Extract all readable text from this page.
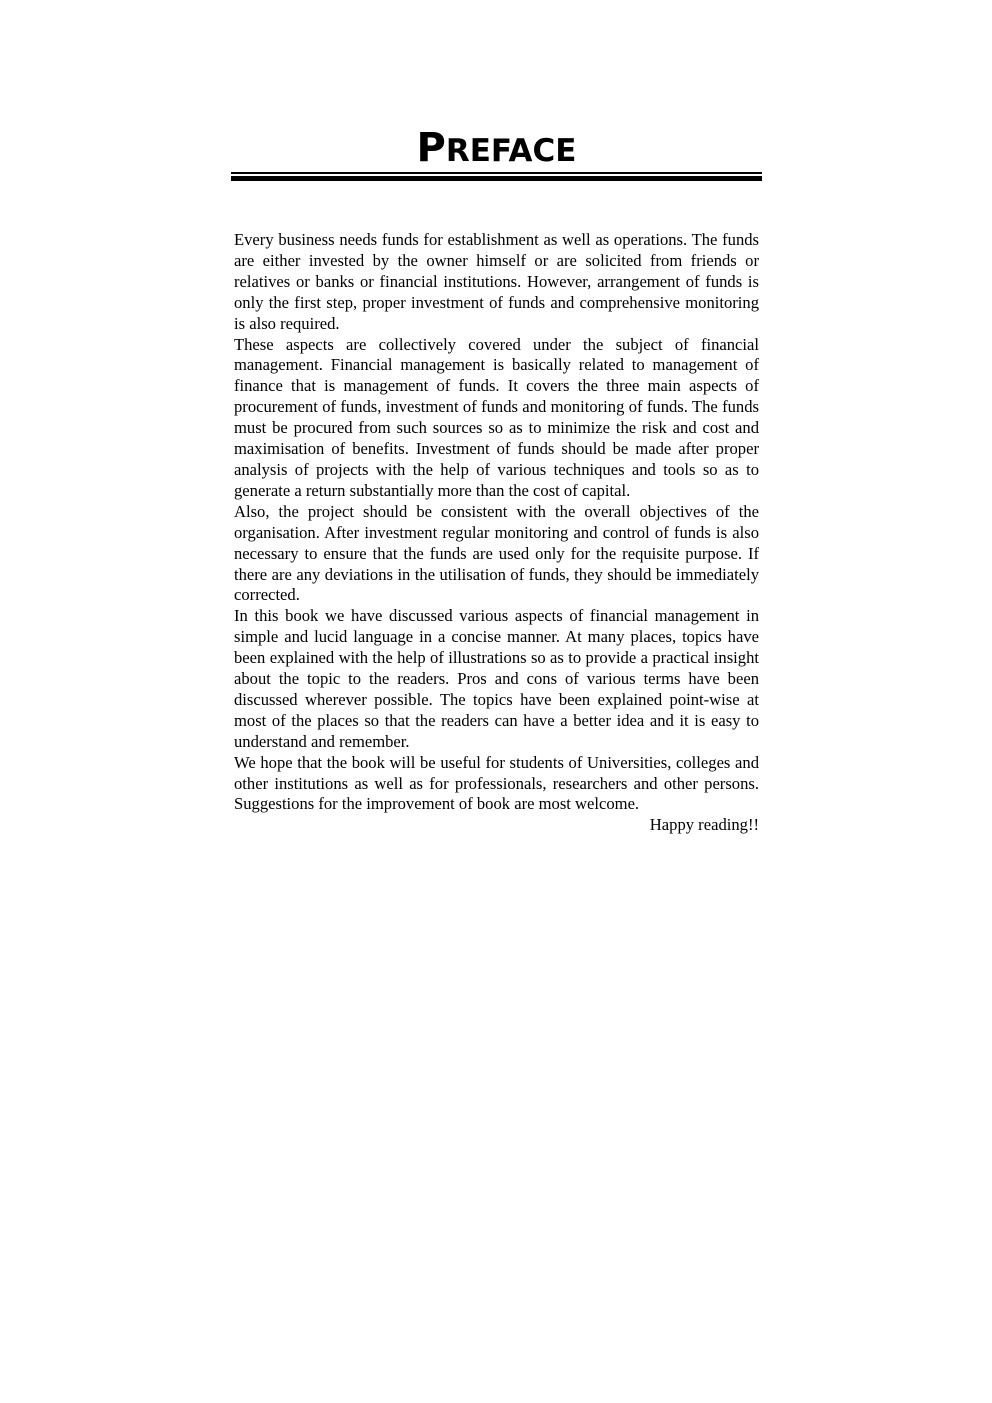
PREFACE

Every business needs funds for establishment as well as operations. The funds are either invested by the owner himself or are solicited from friends or relatives or banks or financial institutions. However, arrangement of funds is only the first step, proper investment of funds and comprehensive monitoring is also required.

These aspects are collectively covered under the subject of financial management. Financial management is basically related to management of finance that is management of funds. It covers the three main aspects of procurement of funds, investment of funds and monitoring of funds. The funds must be procured from such sources so as to minimize the risk and cost and maximisation of benefits. Investment of funds should be made after proper analysis of projects with the help of various techniques and tools so as to generate a return substantially more than the cost of capital.

Also, the project should be consistent with the overall objectives of the organisation. After investment regular monitoring and control of funds is also necessary to ensure that the funds are used only for the requisite purpose. If there are any deviations in the utilisation of funds, they should be immediately corrected.

In this book we have discussed various aspects of financial management in simple and lucid language in a concise manner. At many places, topics have been explained with the help of illustrations so as to provide a practical insight about the topic to the readers. Pros and cons of various terms have been discussed wherever possible. The topics have been explained point-wise at most of the places so that the readers can have a better idea and it is easy to understand and remember.

We hope that the book will be useful for students of Universities, colleges and other institutions as well as for professionals, researchers and other persons. Suggestions for the improvement of book are most welcome.

Happy reading!!
